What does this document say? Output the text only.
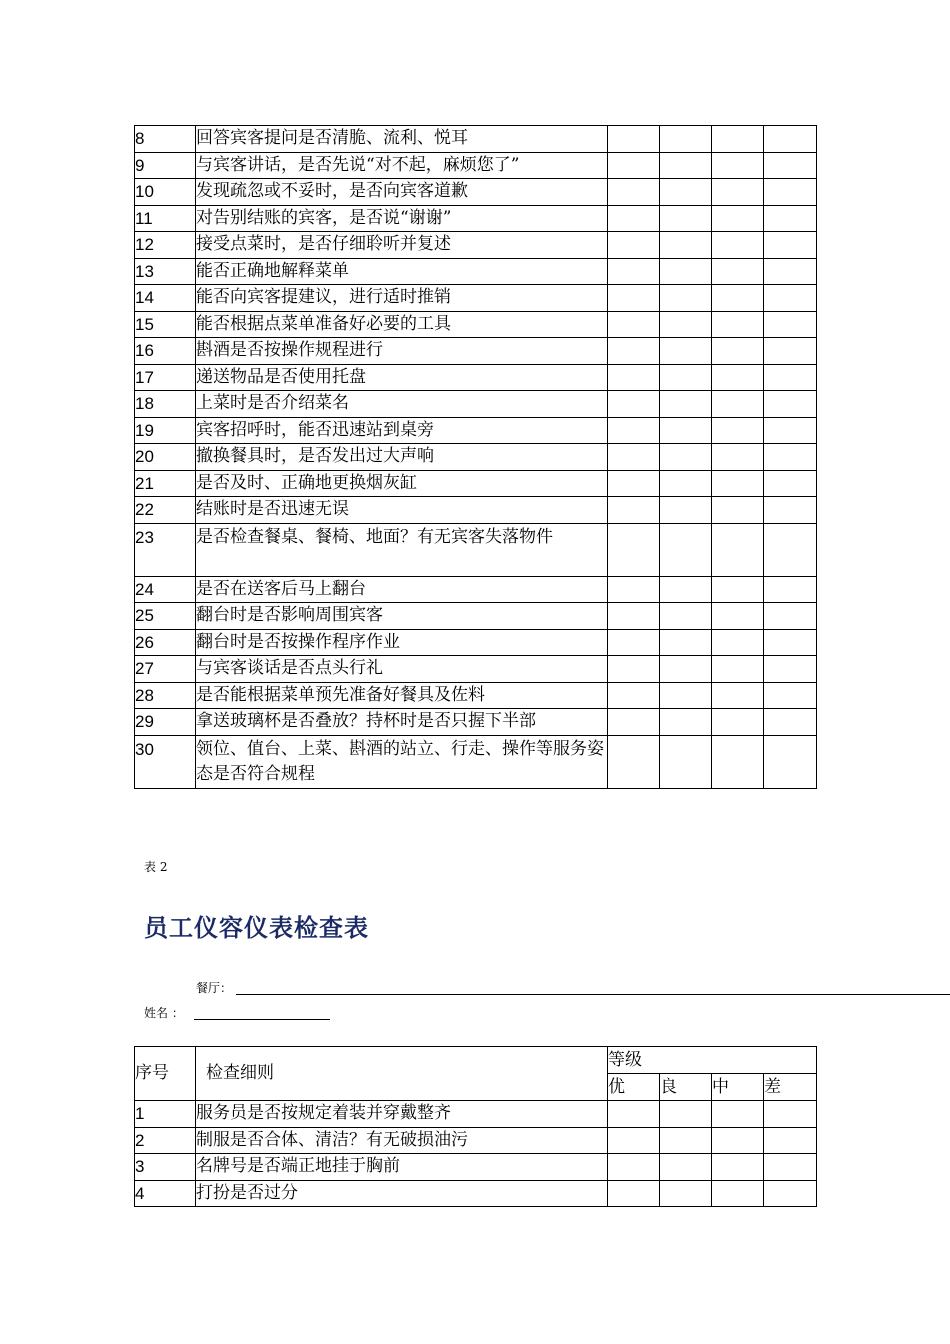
8	回答宾客提问是否清脆、流利、悦耳				
9	与宾客讲话，是否先说“对不起，麻烦您了”				
10	发现疏忽或不妥时，是否向宾客道歉				
11	对告别结账的宾客，是否说“谢谢”				
12	接受点菜时，是否仔细聆听并复述				
13	能否正确地解释菜单				
14	能否向宾客提建议，进行适时推销				
15	能否根据点菜单准备好必要的工具				
16	斟酒是否按操作规程进行				
17	递送物品是否使用托盘				
18	上菜时是否介绍菜名				
19	宾客招呼时，能否迅速站到桌旁				
20	撤换餐具时，是否发出过大声响				
21	是否及时、正确地更换烟灰缸				
22	结账时是否迅速无误				
23	是否检查餐桌、餐椅、地面？有无宾客失落物件				
24	是否在送客后马上翻台				
25	翻台时是否影响周围宾客				
26	翻台时是否按操作程序作业				
27	与宾客谈话是否点头行礼				
28	是否能根据菜单预先准备好餐具及佐料				
29	拿送玻璃杯是否叠放？持杯时是否只握下半部				
30	领位、值台、上菜、斟酒的站立、行走、操作等服务姿态是否符合规程				
表 2
员工仪容仪表检查表
餐厅：
姓名 ：
序号	检查细则	等级			
		优	良	中	差
1	服务员是否按规定着装并穿戴整齐				
2	制服是否合体、清洁？有无破损油污				
3	名牌号是否端正地挂于胸前				
4	打扮是否过分				
